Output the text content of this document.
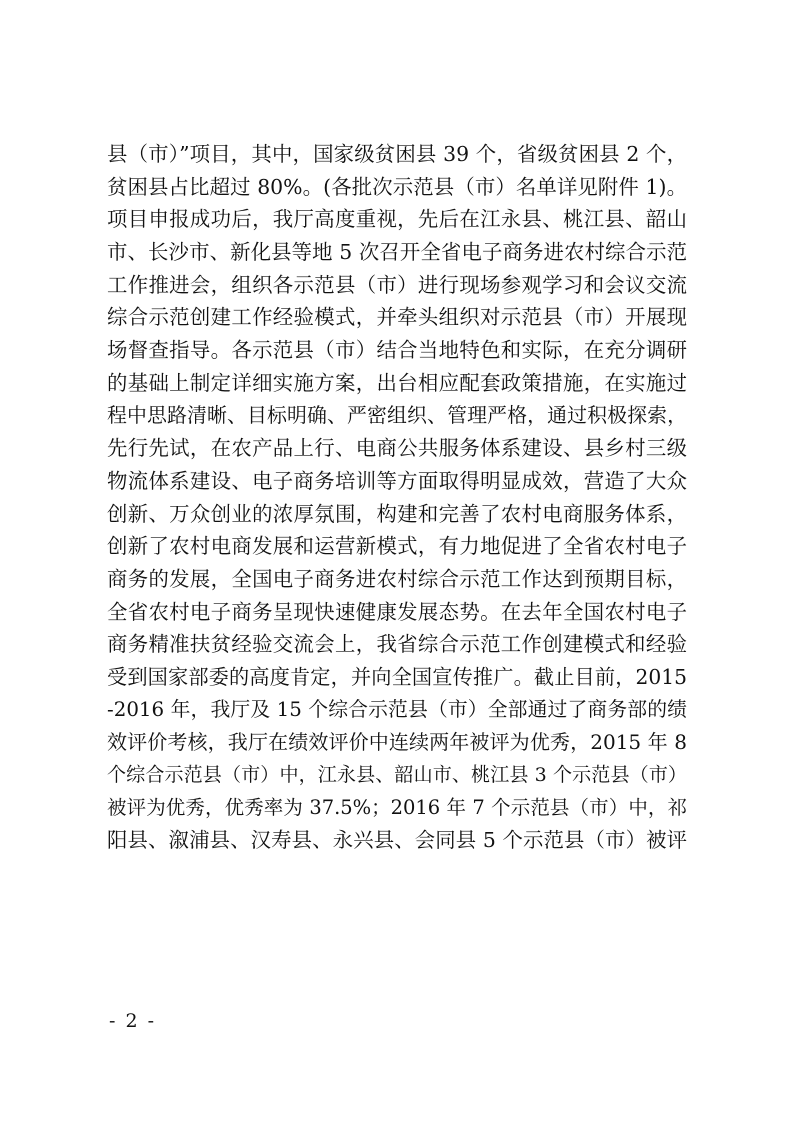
县（市）”项目，其中，国家级贫困县 39 个，省级贫困县 2 个，
贫困县占比超过 80%。(各批次示范县（市）名单详见附件 1)。
项目申报成功后，我厅高度重视，先后在江永县、桃江县、韶山
市、长沙市、新化县等地 5 次召开全省电子商务进农村综合示范
工作推进会，组织各示范县（市）进行现场参观学习和会议交流
综合示范创建工作经验模式，并牵头组织对示范县（市）开展现
场督查指导。各示范县（市）结合当地特色和实际，在充分调研
的基础上制定详细实施方案，出台相应配套政策措施，在实施过
程中思路清晰、目标明确、严密组织、管理严格，通过积极探索，
先行先试，在农产品上行、电商公共服务体系建设、县乡村三级
物流体系建设、电子商务培训等方面取得明显成效，营造了大众
创新、万众创业的浓厚氛围，构建和完善了农村电商服务体系，
创新了农村电商发展和运营新模式，有力地促进了全省农村电子
商务的发展，全国电子商务进农村综合示范工作达到预期目标，
全省农村电子商务呈现快速健康发展态势。在去年全国农村电子
商务精准扶贫经验交流会上，我省综合示范工作创建模式和经验
受到国家部委的高度肯定，并向全国宣传推广。截止目前，2015
-2016 年，我厅及 15 个综合示范县（市）全部通过了商务部的绩
效评价考核，我厅在绩效评价中连续两年被评为优秀，2015 年 8
个综合示范县（市）中，江永县、韶山市、桃江县 3 个示范县（市）
被评为优秀，优秀率为 37.5%；2016 年 7 个示范县（市）中，祁
阳县、溆浦县、汉寿县、永兴县、会同县 5 个示范县（市）被评
- 2 -
